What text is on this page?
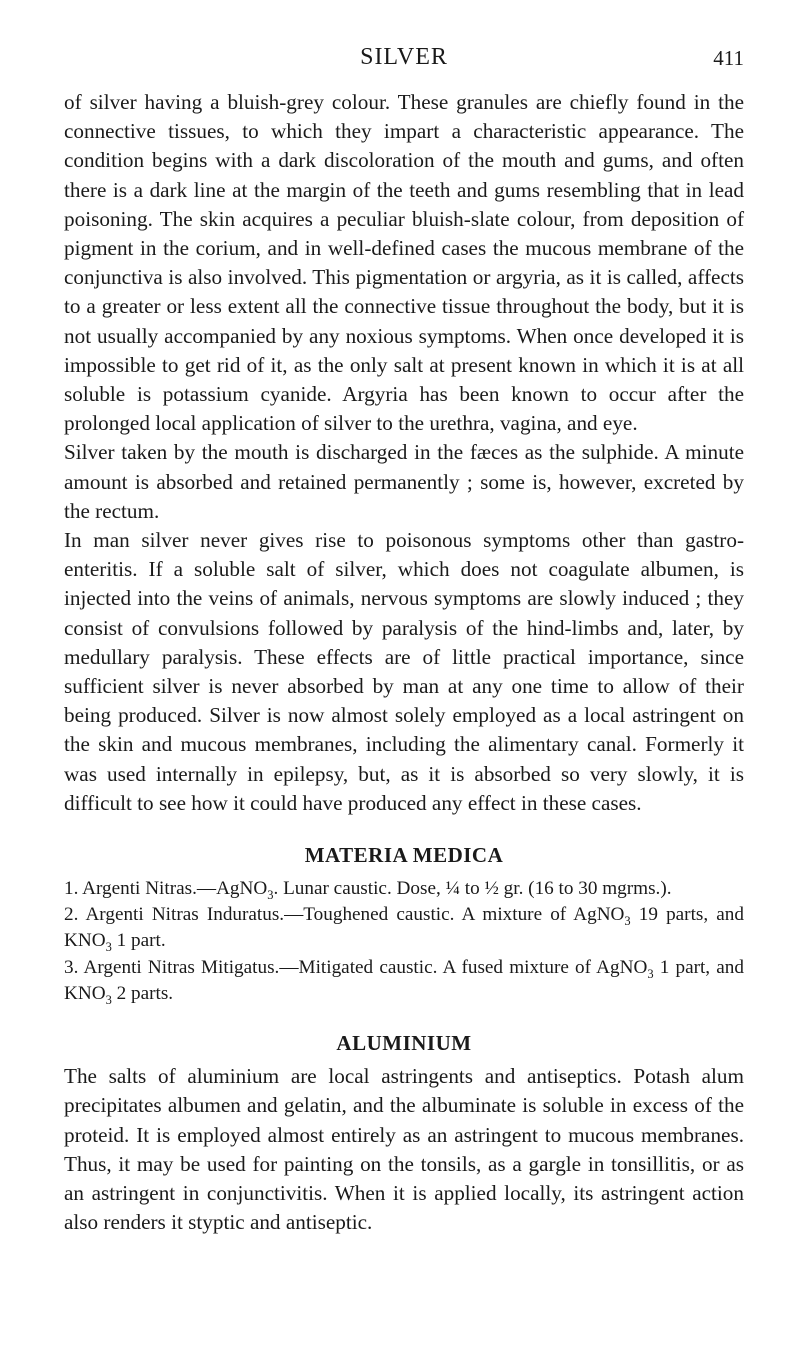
SILVER	411

of silver having a bluish-grey colour. These granules are chiefly found in the connective tissues, to which they impart a characteristic appearance. The condition begins with a dark discoloration of the mouth and gums, and often there is a dark line at the margin of the teeth and gums resembling that in lead poisoning. The skin acquires a peculiar bluish-slate colour, from deposition of pigment in the corium, and in well-defined cases the mucous membrane of the conjunctiva is also involved. This pigmentation or argyria, as it is called, affects to a greater or less extent all the connective tissue throughout the body, but it is not usually accompanied by any noxious symptoms. When once developed it is impossible to get rid of it, as the only salt at present known in which it is at all soluble is potassium cyanide. Argyria has been known to occur after the prolonged local application of silver to the urethra, vagina, and eye.

Silver taken by the mouth is discharged in the fæces as the sulphide. A minute amount is absorbed and retained permanently ; some is, however, excreted by the rectum.

In man silver never gives rise to poisonous symptoms other than gastro-enteritis. If a soluble salt of silver, which does not coagulate albumen, is injected into the veins of animals, nervous symptoms are slowly induced ; they consist of convulsions followed by paralysis of the hind-limbs and, later, by medullary paralysis. These effects are of little practical importance, since sufficient silver is never absorbed by man at any one time to allow of their being produced. Silver is now almost solely employed as a local astringent on the skin and mucous membranes, including the alimentary canal. Formerly it was used internally in epilepsy, but, as it is absorbed so very slowly, it is difficult to see how it could have produced any effect in these cases.

MATERIA MEDICA

1. Argenti Nitras.—AgNO$_3$. Lunar caustic. Dose, ¼ to ½ gr. (16 to 30 mgrms.).

2. Argenti Nitras Induratus.—Toughened caustic. A mixture of AgNO$_3$ 19 parts, and $KNO_3$ 1 part.

3. Argenti Nitras Mitigatus.—Mitigated caustic. A fused mixture of AgNO$_3$ 1 part, and $KNO_3$ 2 parts.

ALUMINIUM

The salts of aluminium are local astringents and antiseptics. Potash alum precipitates albumen and gelatin, and the albuminate is soluble in excess of the proteid. It is employed almost entirely as an astringent to mucous membranes. Thus, it may be used for painting on the tonsils, as a gargle in tonsillitis, or as an astringent in conjunctivitis. When it is applied locally, its astringent action also renders it styptic and antiseptic.
